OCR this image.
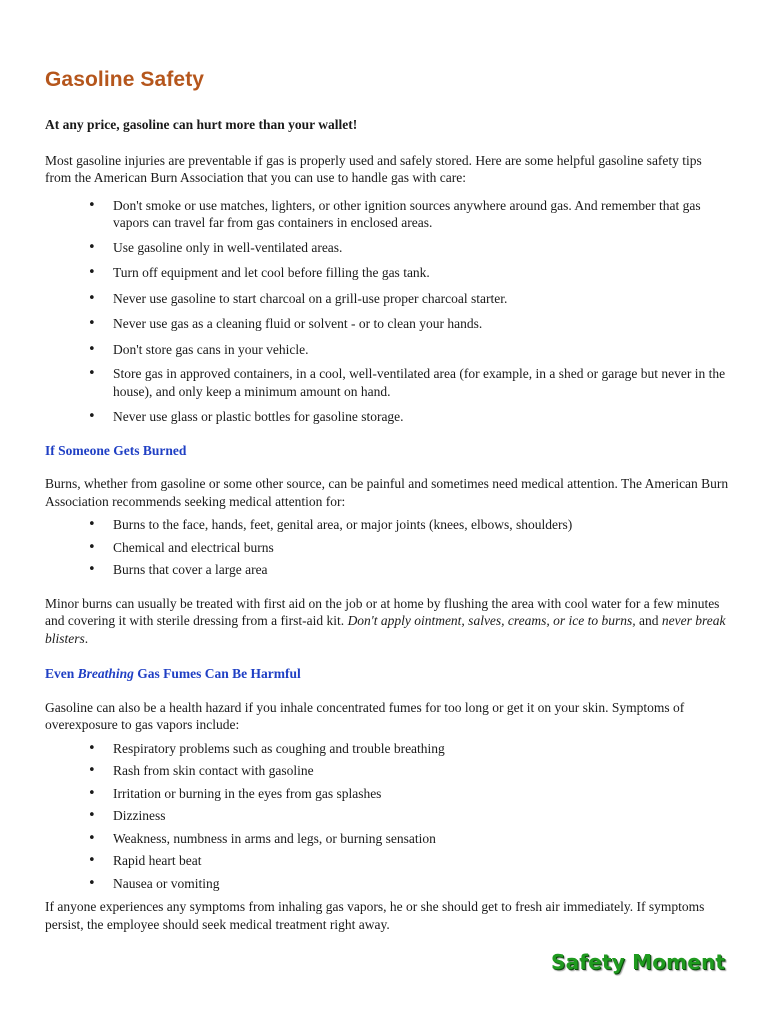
Gasoline Safety

At any price, gasoline can hurt more than your wallet!

Most gasoline injuries are preventable if gas is properly used and safely stored. Here are some helpful gasoline safety tips from the American Burn Association that you can use to handle gas with care:

• Don't smoke or use matches, lighters, or other ignition sources anywhere around gas. And remember that gas vapors can travel far from gas containers in enclosed areas.
• Use gasoline only in well-ventilated areas.
• Turn off equipment and let cool before filling the gas tank.
• Never use gasoline to start charcoal on a grill-use proper charcoal starter.
• Never use gas as a cleaning fluid or solvent - or to clean your hands.
• Don't store gas cans in your vehicle.
• Store gas in approved containers, in a cool, well-ventilated area (for example, in a shed or garage but never in the house), and only keep a minimum amount on hand.
• Never use glass or plastic bottles for gasoline storage.

If Someone Gets Burned

Burns, whether from gasoline or some other source, can be painful and sometimes need medical attention. The American Burn Association recommends seeking medical attention for:

• Burns to the face, hands, feet, genital area, or major joints (knees, elbows, shoulders)
• Chemical and electrical burns
• Burns that cover a large area

Minor burns can usually be treated with first aid on the job or at home by flushing the area with cool water for a few minutes and covering it with sterile dressing from a first-aid kit. Don't apply ointment, salves, creams, or ice to burns, and never break blisters.

Even Breathing Gas Fumes Can Be Harmful

Gasoline can also be a health hazard if you inhale concentrated fumes for too long or get it on your skin. Symptoms of overexposure to gas vapors include:

• Respiratory problems such as coughing and trouble breathing
• Rash from skin contact with gasoline
• Irritation or burning in the eyes from gas splashes
• Dizziness
• Weakness, numbness in arms and legs, or burning sensation
• Rapid heart beat
• Nausea or vomiting

If anyone experiences any symptoms from inhaling gas vapors, he or she should get to fresh air immediately. If symptoms persist, the employee should seek medical treatment right away.

Safety Moment
